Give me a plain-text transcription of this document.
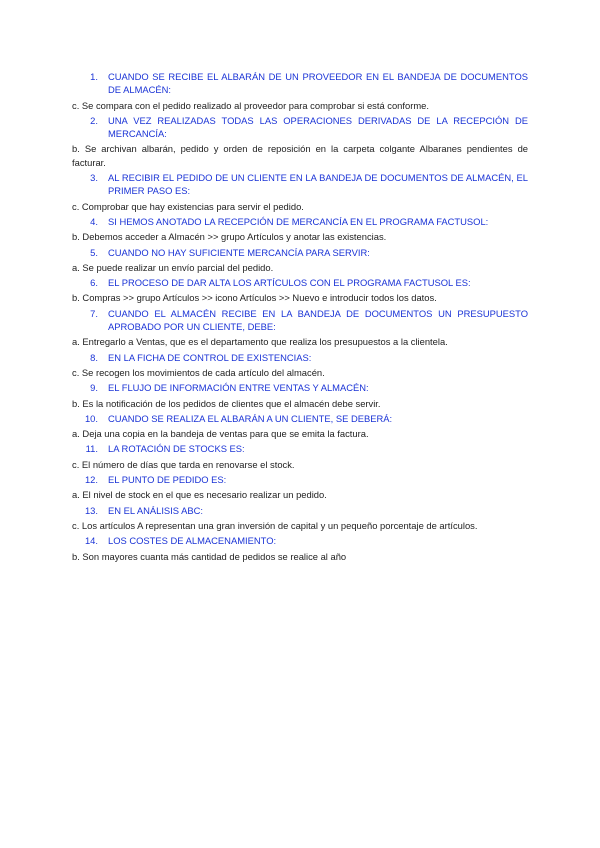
1.	CUANDO SE RECIBE EL ALBARÁN DE UN PROVEEDOR EN EL BANDEJA DE DOCUMENTOS DE ALMACÉN:
c. Se compara con el pedido realizado al proveedor para comprobar si está conforme.
2.	UNA VEZ REALIZADAS TODAS LAS OPERACIONES DERIVADAS DE LA RECEPCIÓN DE MERCANCÍA:
b. Se archivan albarán, pedido y orden de reposición en la carpeta colgante Albaranes pendientes de facturar.
3.	AL RECIBIR EL PEDIDO DE UN CLIENTE EN LA BANDEJA DE DOCUMENTOS DE ALMACÉN, EL PRIMER PASO ES:
c. Comprobar que hay existencias para servir el pedido.
4.	SI HEMOS ANOTADO LA RECEPCIÓN DE MERCANCÍA EN EL PROGRAMA FACTUSOL:
b. Debemos acceder a Almacén >> grupo Artículos y anotar las existencias.
5.	CUANDO NO HAY SUFICIENTE MERCANCÍA PARA SERVIR:
a. Se puede realizar un envío parcial del pedido.
6.	EL PROCESO DE DAR ALTA LOS ARTÍCULOS CON EL PROGRAMA FACTUSOL ES:
b. Compras >> grupo Artículos >> icono Artículos >> Nuevo e introducir todos los datos.
7.	CUANDO EL ALMACÉN RECIBE EN LA BANDEJA DE DOCUMENTOS UN PRESUPUESTO APROBADO POR UN CLIENTE, DEBE:
a. Entregarlo a Ventas, que es el departamento que realiza los presupuestos a la clientela.
8.	EN LA FICHA DE CONTROL DE EXISTENCIAS:
c. Se recogen los movimientos de cada artículo del almacén.
9.	EL FLUJO DE INFORMACIÓN ENTRE VENTAS Y ALMACÉN:
b. Es la notificación de los pedidos de clientes que el almacén debe servir.
10.	CUANDO SE REALIZA EL ALBARÁN A UN CLIENTE, SE DEBERÁ:
a. Deja una copia en la bandeja de ventas para que se emita la factura.
11.	LA ROTACIÓN DE STOCKS ES:
c. El número de días que tarda en renovarse el stock.
12.	EL PUNTO DE PEDIDO ES:
a. El nivel de stock en el que es necesario realizar un pedido.
13.	EN EL ANÁLISIS ABC:
c. Los artículos A representan una gran inversión de capital y un pequeño porcentaje de artículos.
14.	LOS COSTES DE ALMACENAMIENTO:
b. Son mayores cuanta más cantidad de pedidos se realice al año
